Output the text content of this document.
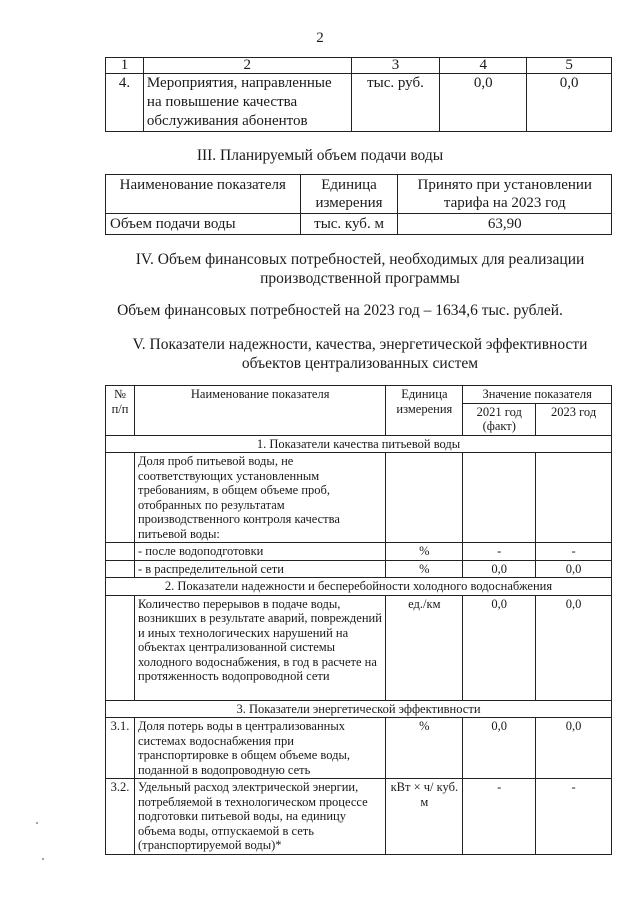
2
1	2	3	4	5
4.	Мероприятия, направленные на повышение качества обслуживания абонентов	тыс. руб.	0,0	0,0
III. Планируемый объем подачи воды
Наименование показателя	Единица измерения	Принято при установлении тарифа на 2023 год
Объем подачи воды	тыс. куб. м	63,90
IV. Объем финансовых потребностей, необходимых для реализации производственной программы
Объем финансовых потребностей на 2023 год – 1634,6 тыс. рублей.
V. Показатели надежности, качества, энергетической эффективности объектов централизованных систем
№ п/п	Наименование показателя	Единица измерения	Значение показателя	
			2021 год (факт)	2023 год
1. Показатели качества питьевой воды				
	Доля проб питьевой воды, не соответствующих установленным требованиям, в общем объеме проб, отобранных по результатам производственного контроля качества питьевой воды:			
	- после водоподготовки	%	-	-
	- в распределительной сети	%	0,0	0,0
2. Показатели надежности и бесперебойности холодного водоснабжения				
	Количество перерывов в подаче воды, возникших в результате аварий, повреждений и иных технологических нарушений на объектах централизованной системы холодного водоснабжения, в год в расчете на протяженность водопроводной сети	ед./км	0,0	0,0
3. Показатели энергетической эффективности				
3.1.	Доля потерь воды в централизованных системах водоснабжения при транспортировке в общем объеме воды, поданной в водопроводную сеть	%	0,0	0,0
3.2.	Удельный расход электрической энергии, потребляемой в технологическом процессе подготовки питьевой воды, на единицу объема воды, отпускаемой в сеть (транспортируемой воды)*	кВт × ч/ куб. м	-	-
